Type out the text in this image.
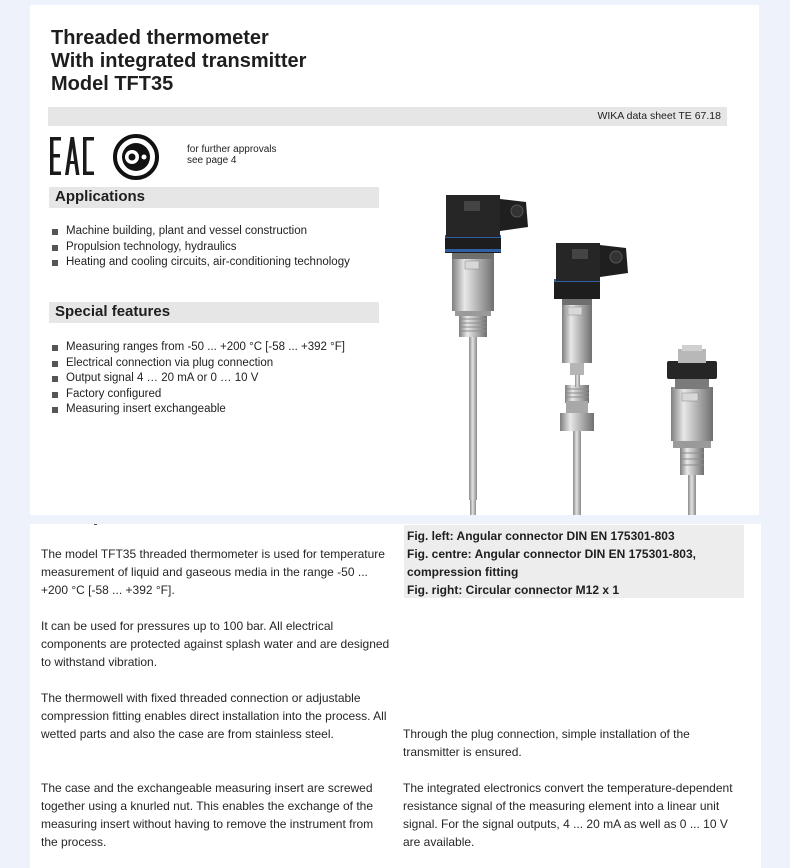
Threaded thermometer
With integrated transmitter
Model TFT35
WIKA data sheet TE 67.18
for further approvals
see page 4
Applications
Machine building, plant and vessel construction
Propulsion technology, hydraulics
Heating and cooling circuits, air-conditioning technology
Special features
Measuring ranges from -50 ... +200 °C [-58 ... +392 °F]
Electrical connection via plug connection
Output signal 4 … 20 mA or 0 … 10 V
Factory configured
Measuring insert exchangeable
Fig. left: Angular connector DIN EN 175301-803
Fig. centre: Angular connector DIN EN 175301-803,
compression fitting
Fig. right: Circular connector M12 x 1

The model TFT35 threaded thermometer is used for temperature measurement of liquid and gaseous media in the range -50 ... +200 °C [-58 ... +392 °F].

It can be used for pressures up to 100 bar. All electrical components are protected against splash water and are designed to withstand vibration.

The thermowell with fixed threaded connection or adjustable compression fitting enables direct installation into the process. All wetted parts and also the case are from stainless steel.

The case and the exchangeable measuring insert are screwed together using a knurled nut. This enables the exchange of the measuring insert without having to remove the instrument from the process.

Through the plug connection, simple installation of the transmitter is ensured.

The integrated electronics convert the temperature-dependent resistance signal of the measuring element into a linear unit signal. For the signal outputs, 4 ... 20 mA as well as 0 ... 10 V are available.
